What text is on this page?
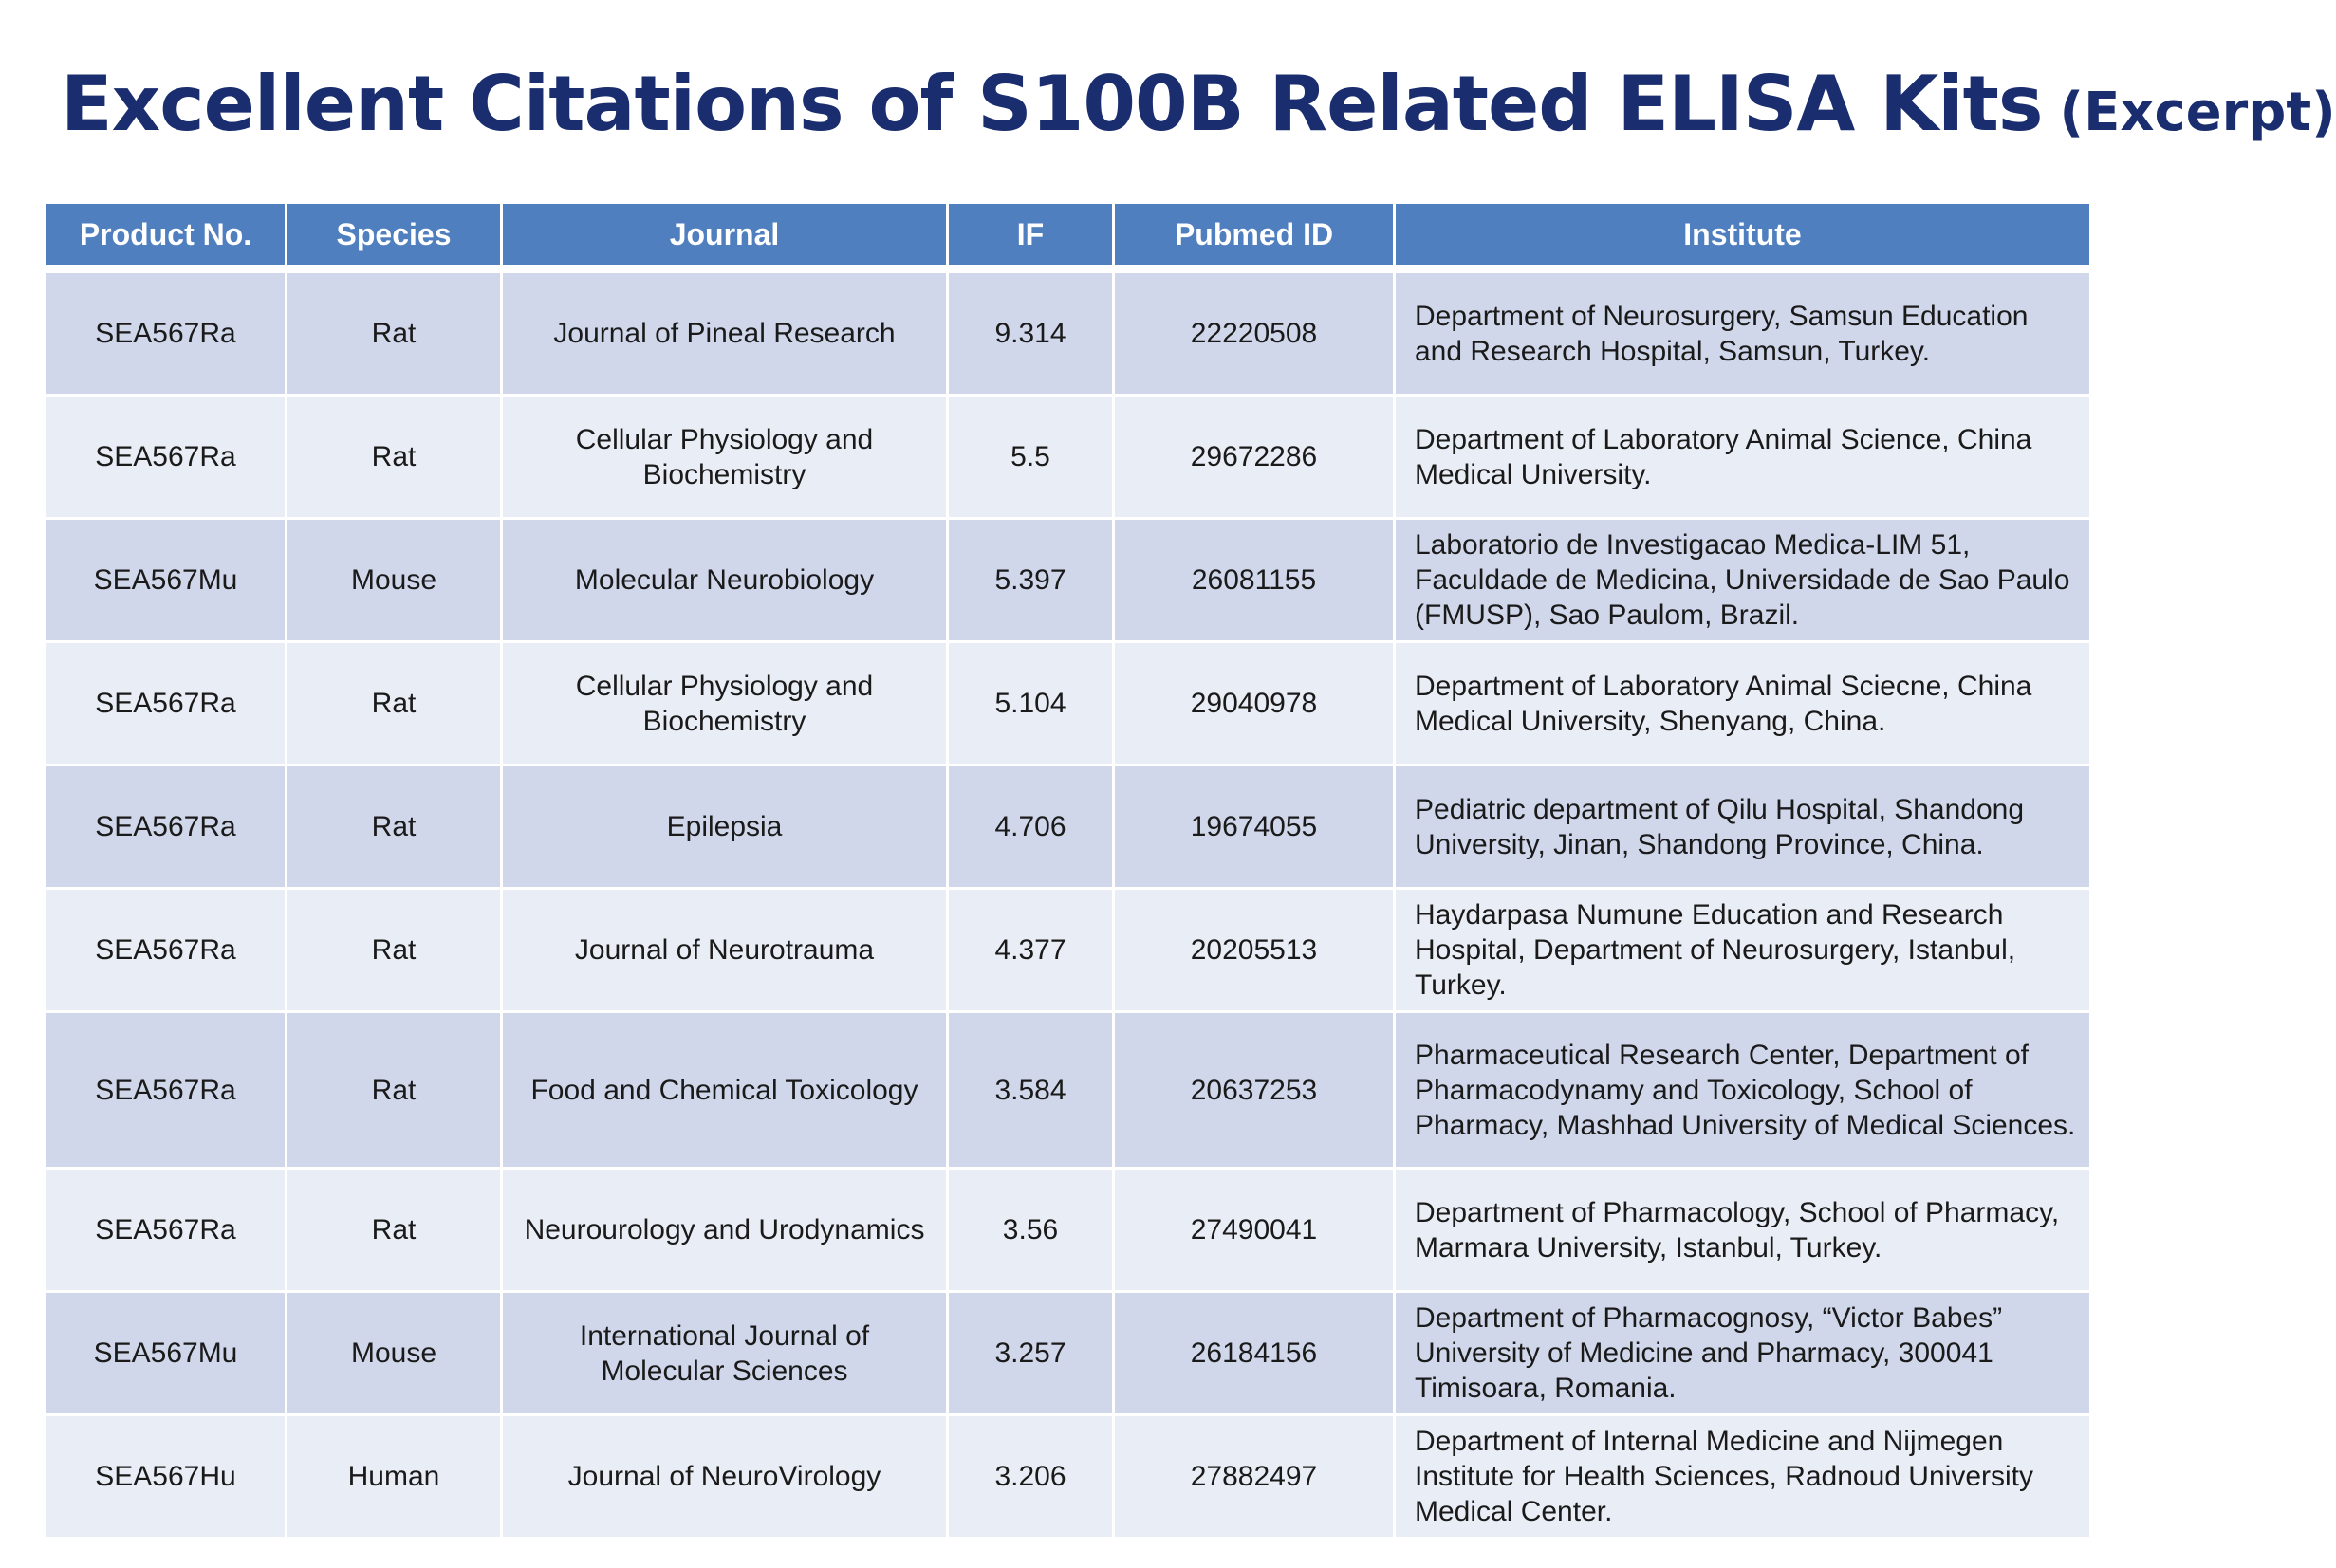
Excellent Citations of S100B Related ELISA Kits (Excerpt)
Product No.	Species	Journal	IF	Pubmed ID	Institute
SEA567Ra	Rat	Journal of Pineal Research	9.314	22220508	Department of Neurosurgery, Samsun Education and Research Hospital, Samsun, Turkey.
SEA567Ra	Rat	Cellular Physiology and Biochemistry	5.5	29672286	Department of Laboratory Animal Science, China Medical University.
SEA567Mu	Mouse	Molecular Neurobiology	5.397	26081155	Laboratorio de Investigacao Medica-LIM 51, Faculdade de Medicina, Universidade de Sao Paulo (FMUSP), Sao Paulom, Brazil.
SEA567Ra	Rat	Cellular Physiology and Biochemistry	5.104	29040978	Department of Laboratory Animal Sciecne, China Medical University, Shenyang, China.
SEA567Ra	Rat	Epilepsia	4.706	19674055	Pediatric department of Qilu Hospital, Shandong University, Jinan, Shandong Province, China.
SEA567Ra	Rat	Journal of Neurotrauma	4.377	20205513	Haydarpasa Numune Education and Research Hospital, Department of Neurosurgery, Istanbul, Turkey.
SEA567Ra	Rat	Food and Chemical Toxicology	3.584	20637253	Pharmaceutical Research Center, Department of Pharmacodynamy and Toxicology, School of Pharmacy, Mashhad University of Medical Sciences.
SEA567Ra	Rat	Neurourology and Urodynamics	3.56	27490041	Department of Pharmacology, School of Pharmacy, Marmara University, Istanbul, Turkey.
SEA567Mu	Mouse	International Journal of Molecular Sciences	3.257	26184156	Department of Pharmacognosy, “Victor Babes” University of Medicine and Pharmacy, 300041 Timisoara, Romania.
SEA567Hu	Human	Journal of NeuroVirology	3.206	27882497	Department of Internal Medicine and Nijmegen Institute for Health Sciences, Radnoud University Medical Center.
